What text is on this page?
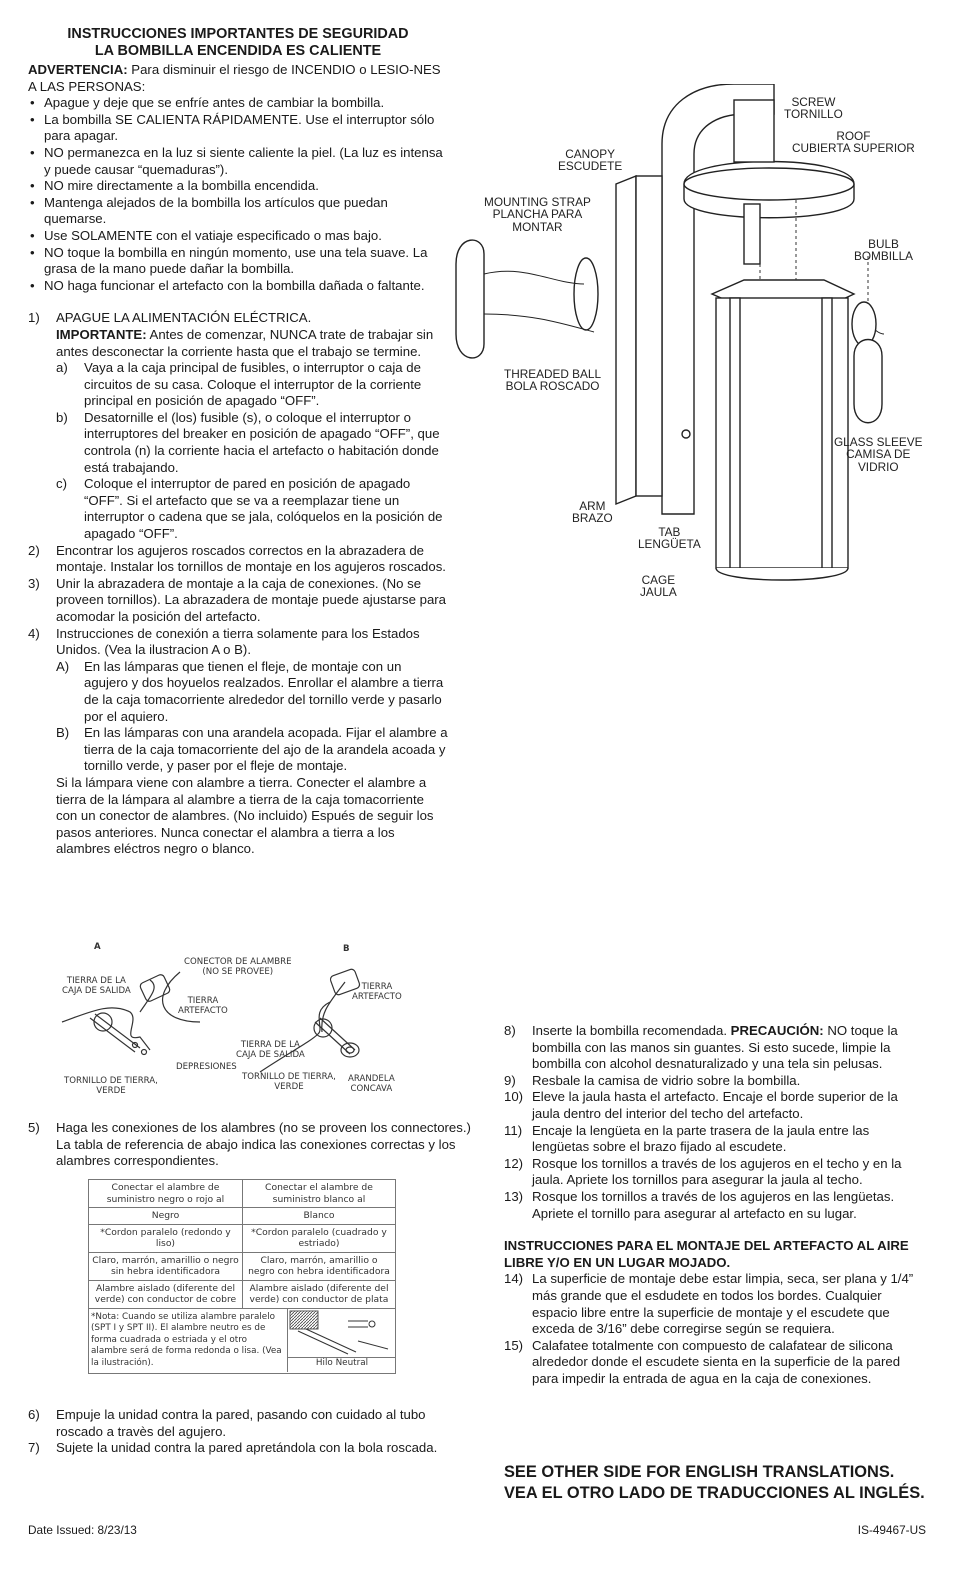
INSTRUCCIONES IMPORTANTES DE SEGURIDAD
LA BOMBILLA ENCENDIDA ES CALIENTE
ADVERTENCIA: Para disminuir el riesgo de INCENDIO o LESIO-NES A LAS PERSONAS:
• Apague y deje que se enfríe antes de cambiar la bombilla.
• La bombilla SE CALIENTA RÁPIDAMENTE. Use el interruptor sólo para apagar.
• NO permanezca en la luz si siente caliente la piel. (La luz es intensa y puede causar “quemaduras”).
• NO mire directamente a la bombilla encendida.
• Mantenga alejados de la bombilla los artículos que puedan quemarse.
• Use SOLAMENTE con el vatiaje especificado o mas bajo.
• NO toque la bombilla en ningún momento, use una tela suave. La grasa de la mano puede dañar la bombilla.
• NO haga funcionar el artefacto con la bombilla dañada o faltante.
1) APAGUE LA ALIMENTACIÓN ELÉCTRICA.
IMPORTANTE: Antes de comenzar, NUNCA trate de trabajar sin antes desconectar la corriente hasta que el trabajo se termine.
a) Vaya a la caja principal de fusibles, o interruptor o caja de circuitos de su casa. Coloque el interruptor de la corriente principal en posición de apagado “OFF”.
b) Desatornille el (los) fusible (s), o coloque el interruptor o interruptores del breaker en posición de apagado “OFF”, que controla (n) la corriente hacia el artefacto o habitación donde está trabajando.
c) Coloque el interruptor de pared en posición de apagado “OFF”. Si el artefacto que se va a reemplazar tiene un interruptor o cadena que se jala, colóquelos en la posición de apagado “OFF”.
2) Encontrar los agujeros roscados correctos en la abrazadera de montaje. Instalar los tornillos de montaje en los agujeros roscados.
3) Unir la abrazadera de montaje a la caja de conexiones. (No se proveen tornillos). La abrazadera de montaje puede ajustarse para acomodar la posición del artefacto.
4) Instrucciones de conexión a tierra solamente para los Estados Unidos. (Vea la ilustracion A o B).
A) En las lámparas que tienen el fleje, de montaje con un agujero y dos hoyuelos realzados. Enrollar el alambre a tierra de la caja tomacorriente alrededor del tornillo verde y pasarlo por el aquiero.
B) En las lámparas con una arandela acopada. Fijar el alambre a tierra de la caja tomacorriente del ajo de la arandela acoada y tornillo verde, y paser por el fleje de montaje.
Si la lámpara viene con alambre a tierra. Conecter el alambre a tierra de la lámpara al alambre a tierra de la caja tomacorriente con un conector de alambres. (No incluido) Espués de seguir los pasos anteriores. Nunca conectar el alambra a tierra a los alambres eléctros negro o blanco.
A	B
CONECTOR DE ALAMBRE
(NO SE PROVEE)
TIERRA DE LA
CAJA DE SALIDA
TIERRA
ARTEFACTO
DEPRESIONES
TORNILLO DE TIERRA,
VERDE
TIERRA
ARTEFACTO
TIERRA DE LA
CAJA DE SALIDA
TORNILLO DE TIERRA,
VERDE
ARANDELA
CONCAVA
5) Haga les conexiones de los alambres (no se proveen los connectores.) La tabla de referencia de abajo indica las conexiones correctas y los alambres correspondientes.
Conectar el alambre de suministro negro o rojo al	Conectar el alambre de suministro blanco al
Negro	Blanco
*Cordon paralelo (redondo y liso)	*Cordon paralelo (cuadrado y estriado)
Claro, marrón, amarillio o negro sin hebra identificadora	Claro, marrón, amarillio o negro con hebra identificadora
Alambre aislado (diferente del verde) con conductor de cobre	Alambre aislado (diferente del verde) con conductor de plata
*Nota: Cuando se utiliza alambre paralelo (SPT I y SPT II). El alambre neutro es de forma cuadrada o estriada y el otro alambre será de forma redonda o lisa. (Vea la ilustración).	Hilo Neutral
6) Empuje la unidad contra la pared, pasando con cuidado al tubo roscado a travès del agujero.
7) Sujete la unidad contra la pared apretándola con la bola roscada.
SCREW
TORNILLO
ROOF
CUBIERTA SUPERIOR
CANOPY
ESCUDETE
MOUNTING STRAP
PLANCHA PARA
MONTAR
BULB
BOMBILLA
THREADED BALL
BOLA ROSCADO
GLASS SLEEVE
CAMISA DE
VIDRIO
ARM
BRAZO
TAB
LENGÜETA
CAGE
JAULA
8) Inserte la bombilla recomendada. PRECAUCIÓN: NO toque la bombilla con las manos sin guantes. Si esto sucede, limpie la bombilla con alcohol desnaturalizado y una tela sin pelusas.
9) Resbale la camisa de vidrio sobre la bombilla.
10) Eleve la jaula hasta el artefacto. Encaje el borde superior de la jaula dentro del interior del techo del artefacto.
11) Encaje la lengüeta en la parte trasera de la jaula entre las lengüetas sobre el brazo fijado al escudete.
12) Rosque los tornillos a través de los agujeros en el techo y en la jaula. Apriete los tornillos para asegurar la jaula al techo.
13) Rosque los tornillos a través de los agujeros en las lengüetas. Apriete el tornillo para asegurar al artefacto en su lugar.
INSTRUCCIONES PARA EL MONTAJE DEL ARTEFACTO AL AIRE LIBRE Y/O EN UN LUGAR MOJADO.
14) La superficie de montaje debe estar limpia, seca, ser plana y 1/4” más grande que el esdudete en todos los bordes. Cualquier espacio libre entre la superficie de montaje y el escudete que exceda de 3/16” debe corregirse según se requiera.
15) Calafatee totalmente con compuesto de calafatear de silicona alrededor donde el escudete sienta en la superficie de la pared para impedir la entrada de agua en la caja de conexiones.
SEE OTHER SIDE FOR ENGLISH TRANSLATIONS.
VEA EL OTRO LADO DE TRADUCCIONES AL INGLÉS.
Date Issued: 8/23/13	IS-49467-US
